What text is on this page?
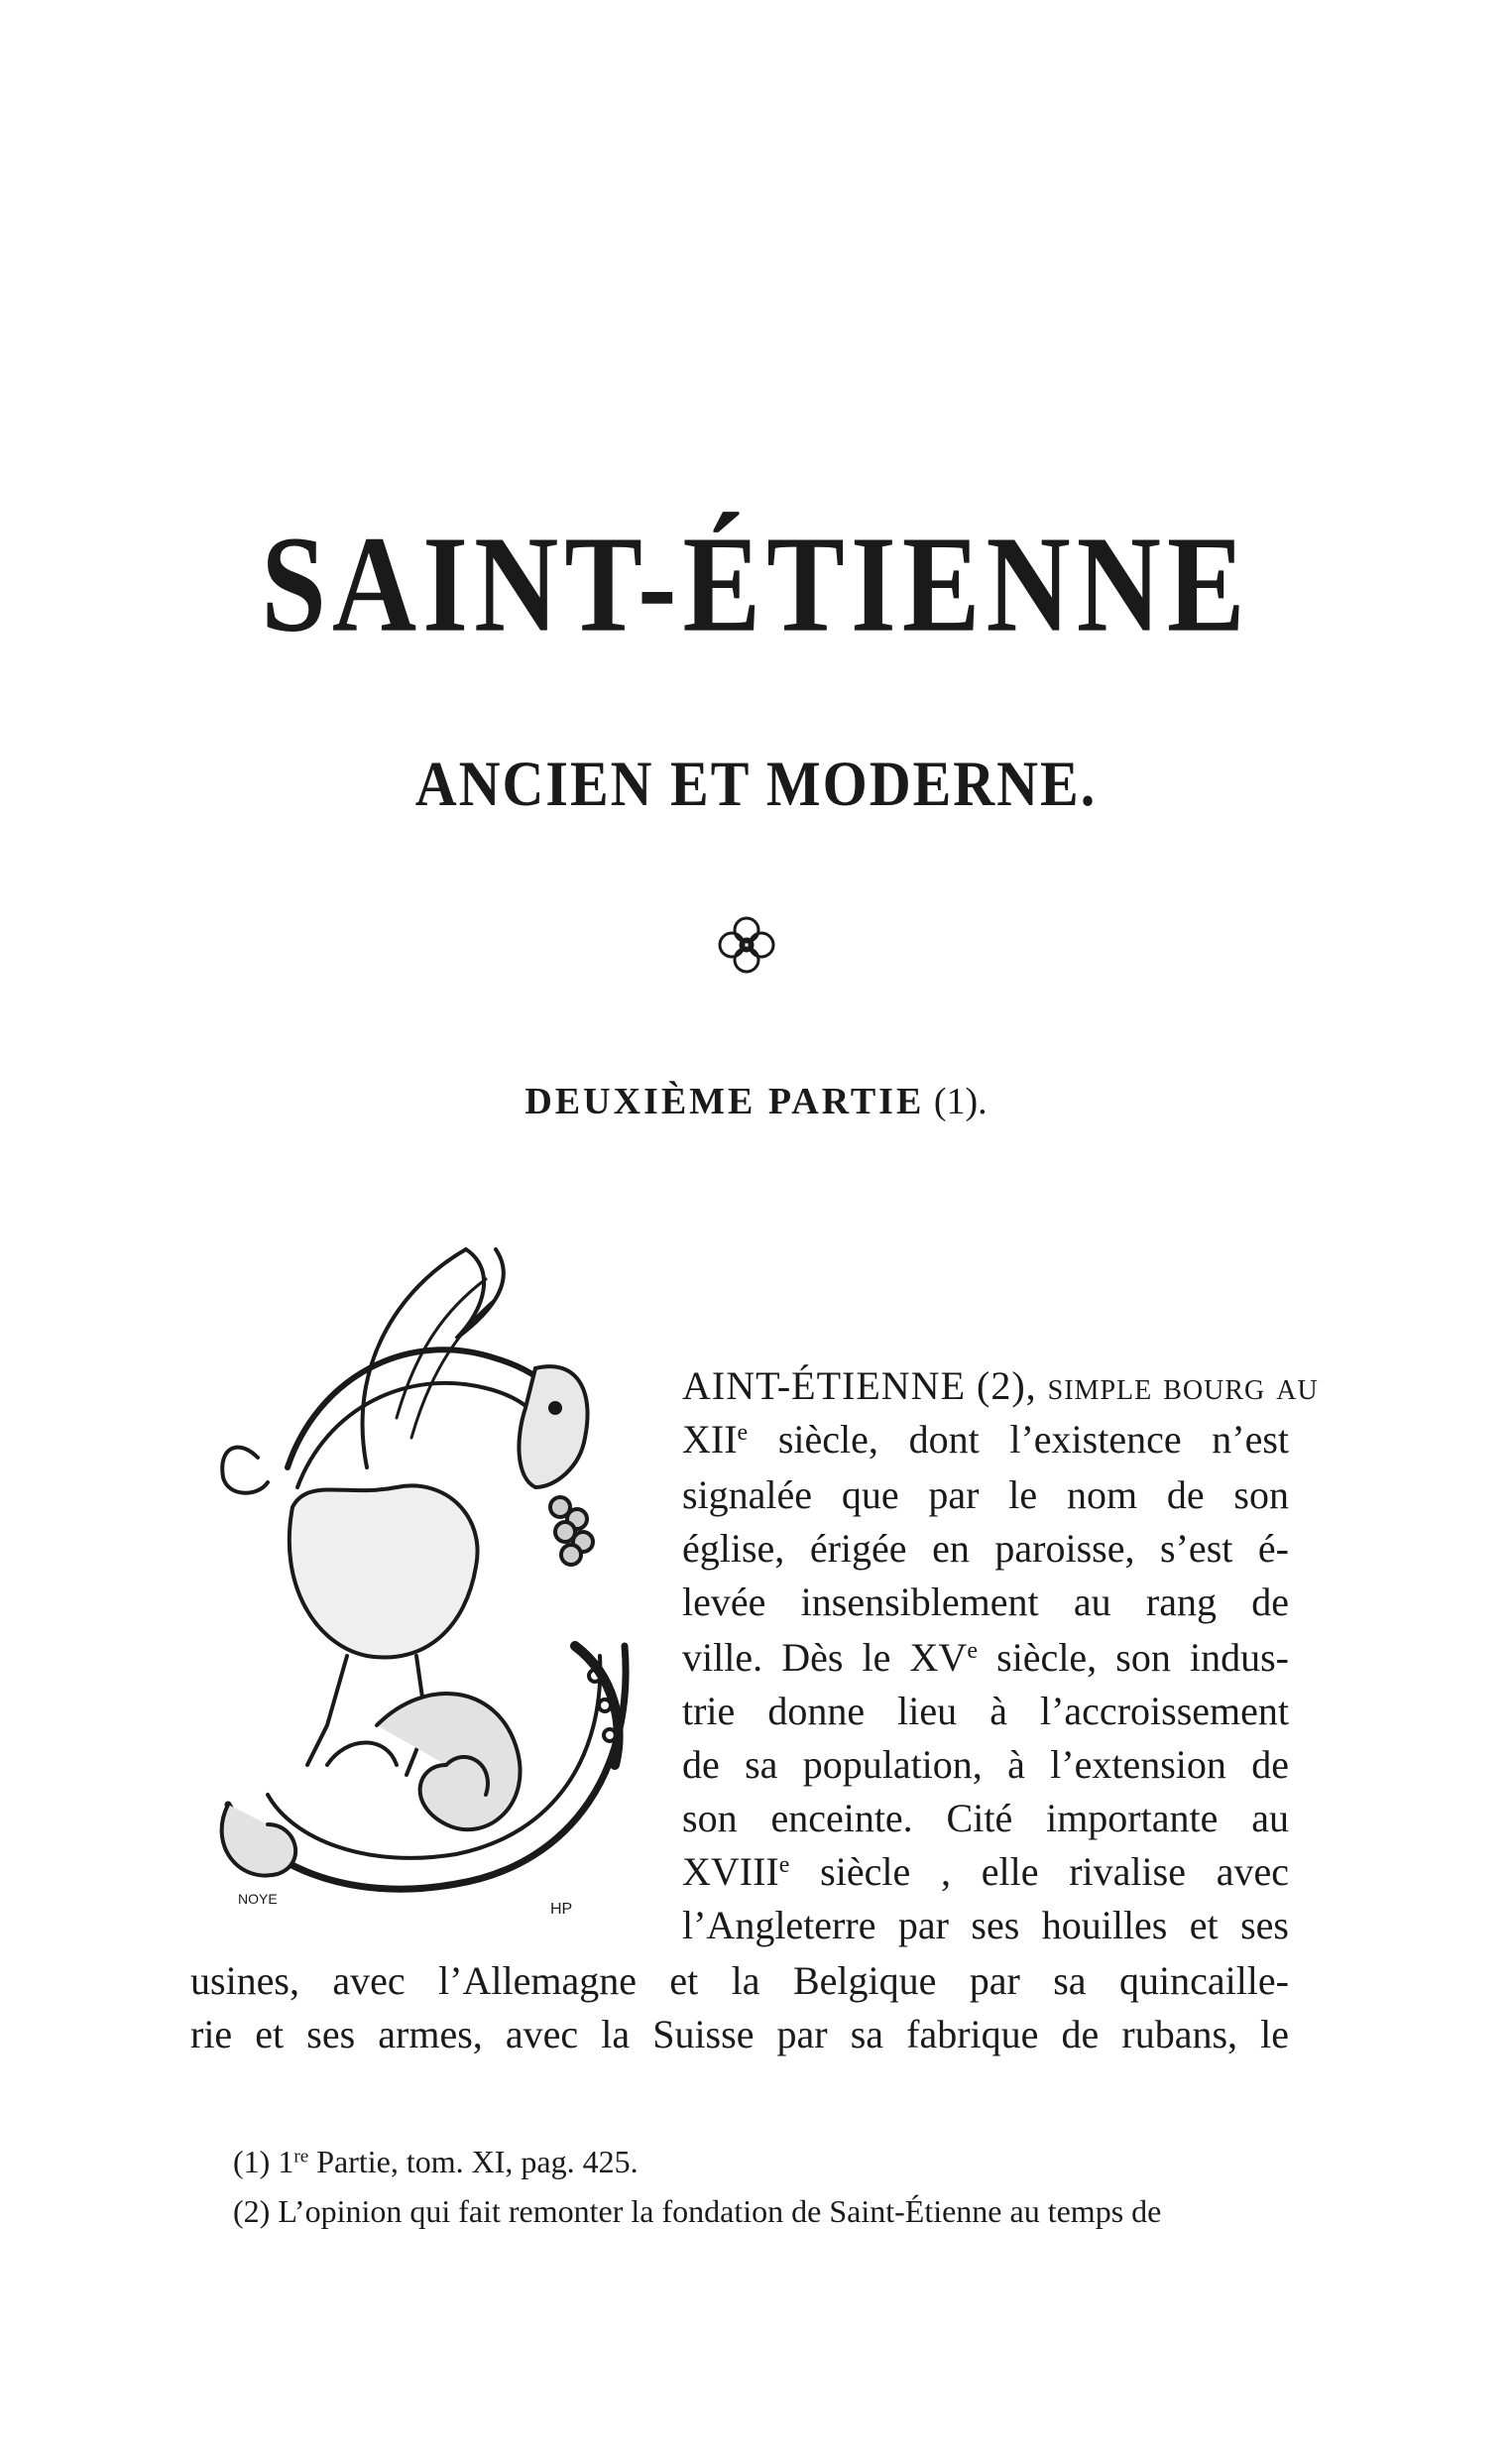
SAINT-ÉTIENNE
ANCIEN ET MODERNE.

DEUXIÈME PARTIE (1).

NOYE
HP
AINT-ÉTIENNE (2), simple bourg au
XIIe siècle, dont l’existence n’est
signalée que par le nom de son
église, érigée en paroisse, s’est é-
levée insensiblement au rang de
ville. Dès le XVe siècle, son indus-
trie donne lieu à l’accroissement
de sa population, à l’extension de
son enceinte. Cité importante au
XVIIIe siècle , elle rivalise avec
l’Angleterre par ses houilles et ses
usines, avec l’Allemagne et la Belgique par sa quincaille-
rie et ses armes, avec la Suisse par sa fabrique de rubans, le
(1) 1re Partie, tom. XI, pag. 425.
(2) L’opinion qui fait remonter la fondation de Saint-Étienne au temps de
